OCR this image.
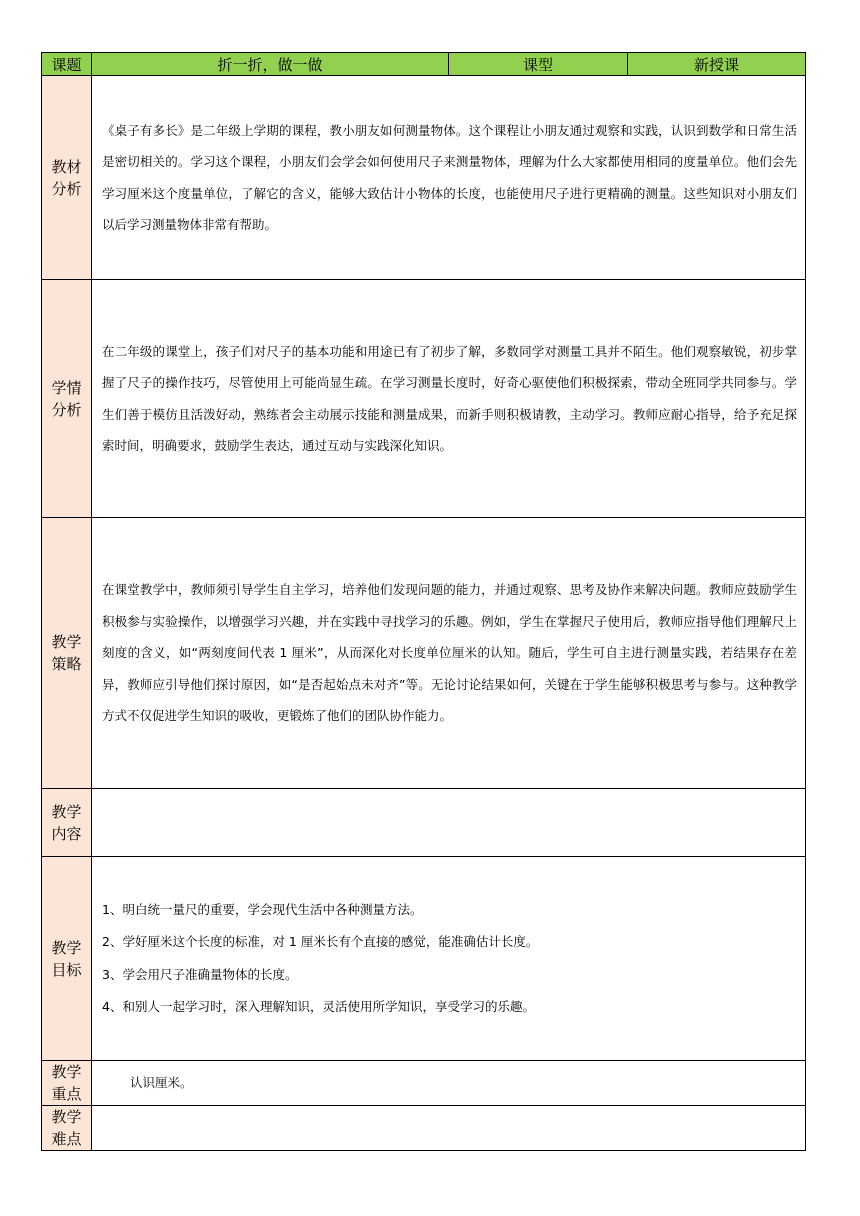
课题	折一折，做一做	课型	新授课
教材分析	《桌子有多长》是二年级上学期的课程，教小朋友如何测量物体。这个课程让小朋友通过观察和实践，认识到数学和日常生活是密切相关的。学习这个课程，小朋友们会学会如何使用尺子来测量物体，理解为什么大家都使用相同的度量单位。他们会先学习厘米这个度量单位，了解它的含义，能够大致估计小物体的长度，也能使用尺子进行更精确的测量。这些知识对小朋友们以后学习测量物体非常有帮助。		

学情分析	在二年级的课堂上，孩子们对尺子的基本功能和用途已有了初步了解，多数同学对测量工具并不陌生。他们观察敏锐，初步掌握了尺子的操作技巧，尽管使用上可能尚显生疏。在学习测量长度时，好奇心驱使他们积极探索，带动全班同学共同参与。学生们善于模仿且活泼好动，熟练者会主动展示技能和测量成果，而新手则积极请教，主动学习。教师应耐心指导，给予充足探索时间，明确要求，鼓励学生表达，通过互动与实践深化知识。		

教学策略	在课堂教学中，教师须引导学生自主学习，培养他们发现问题的能力，并通过观察、思考及协作来解决问题。教师应鼓励学生积极参与实验操作，以增强学习兴趣，并在实践中寻找学习的乐趣。例如，学生在掌握尺子使用后，教师应指导他们理解尺上刻度的含义，如“两刻度间代表 1 厘米”，从而深化对长度单位厘米的认知。随后，学生可自主进行测量实践，若结果存在差异，教师应引导他们探讨原因，如“是否起始点未对齐”等。无论讨论结果如何，关键在于学生能够积极思考与参与。这种教学方式不仅促进学生知识的吸收，更锻炼了他们的团队协作能力。		

教学内容			
教学目标	1、明白统一量尺的重要，学会现代生活中各种测量方法。
2、学好厘米这个长度的标准，对 1 厘米长有个直接的感觉，能准确估计长度。
3、学会用尺子准确量物体的长度。
4、和别人一起学习时，深入理解知识，灵活使用所学知识，享受学习的乐趣。		

教学重点	认识厘米。		
教学难点			
